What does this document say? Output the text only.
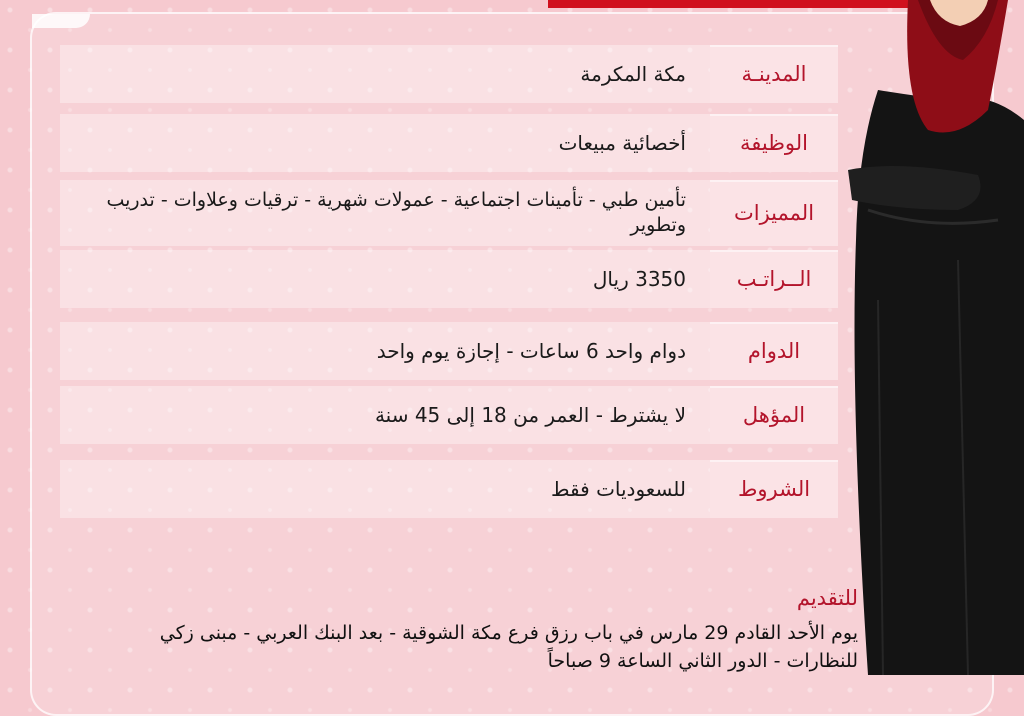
المدينـة
مكة المكرمة
الوظيفة
أخصائية مبيعات
المميزات
تأمين طبي - تأمينات اجتماعية - عمولات شهرية - ترقيات وعلاوات - تدريب وتطوير
الــراتـب
3350 ريال
الدوام
دوام واحد 6 ساعات - إجازة يوم واحد
المؤهل
لا يشترط - العمر من 18 إلى 45 سنة
الشروط
للسعوديات فقط
للتقديم
يوم الأحد القادم 29 مارس في باب رزق فرع مكة الشوقية - بعد البنك العربي - مبنى زكي للنظارات - الدور الثاني الساعة 9 صباحاً
